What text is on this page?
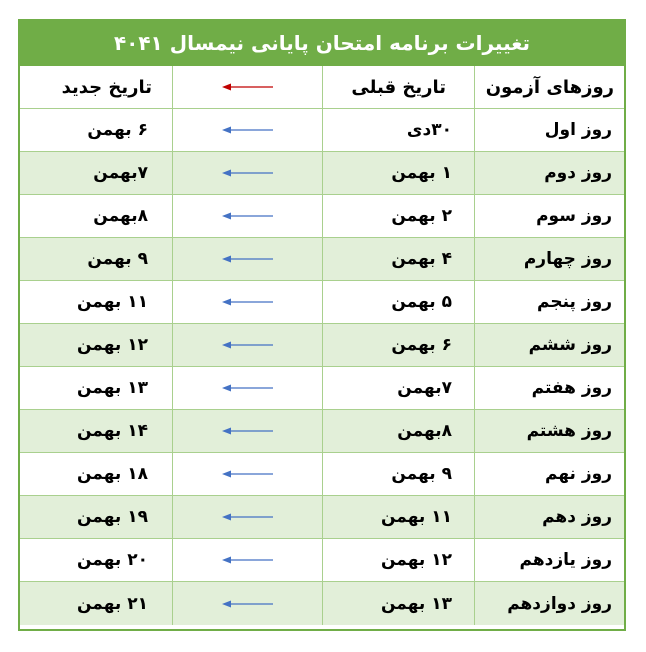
تغییرات برنامه امتحان پایانی نیمسال ۴۰۴۱
روزهای آزمون
تاریخ قبلی
تاریخ جدید
روز اول
۳۰دی
۶ بهمن
روز دوم
۱ بهمن
۷بهمن
روز سوم
۲ بهمن
۸بهمن
روز چهارم
۴ بهمن
۹ بهمن
روز پنجم
۵ بهمن
۱۱ بهمن
روز ششم
۶ بهمن
۱۲ بهمن
روز هفتم
۷بهمن
۱۳ بهمن
روز هشتم
۸بهمن
۱۴ بهمن
روز نهم
۹ بهمن
۱۸ بهمن
روز دهم
۱۱ بهمن
۱۹ بهمن
روز یازدهم
۱۲ بهمن
۲۰ بهمن
روز دوازدهم
۱۳ بهمن
۲۱ بهمن
